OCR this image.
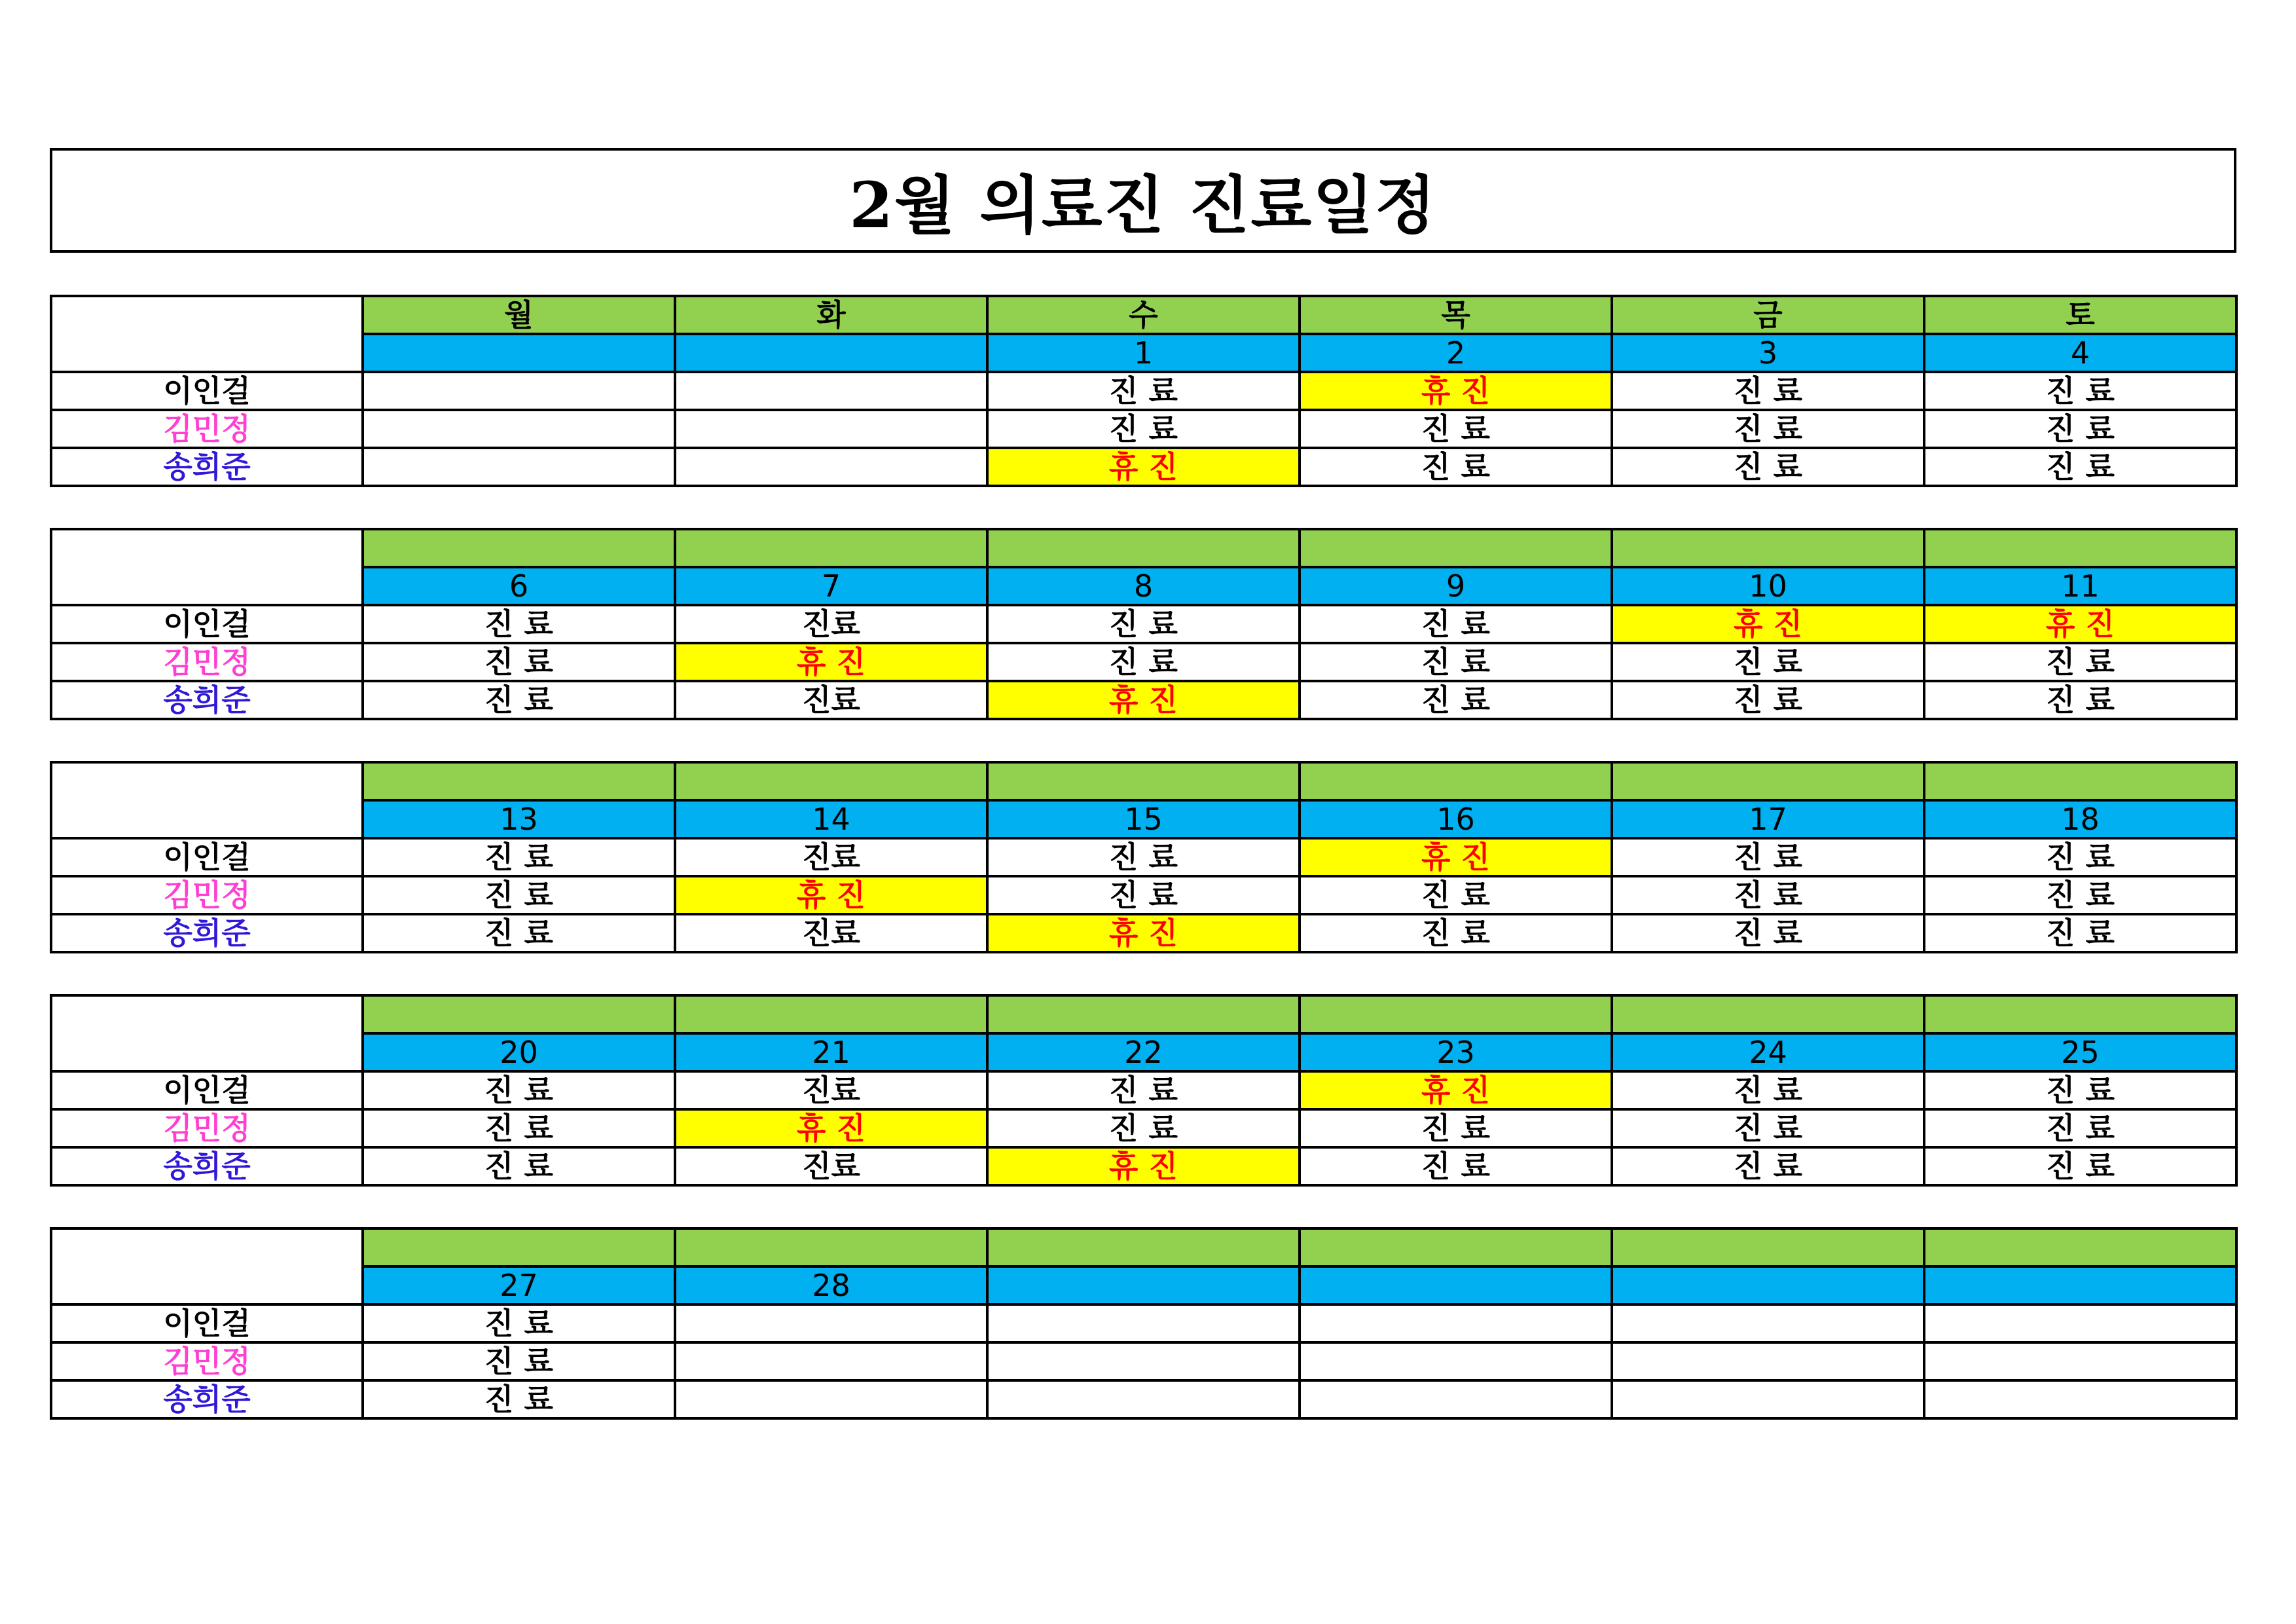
2월 의료진 진료일정
	월	화	수	목	금	토
			1	2	3	4
이인걸			진 료	휴 진	진 료	진 료
김민정			진 료	진 료	진 료	진 료
송희준			휴 진	진 료	진 료	진 료

	6	7	8	9	10	11
이인걸	진 료	진료	진 료	진 료	휴 진	휴 진
김민정	진 료	휴 진	진 료	진 료	진 료	진 료
송희준	진 료	진료	휴 진	진 료	진 료	진 료

	13	14	15	16	17	18
이인걸	진 료	진료	진 료	휴 진	진 료	진 료
김민정	진 료	휴 진	진 료	진 료	진 료	진 료
송희준	진 료	진료	휴 진	진 료	진 료	진 료

	20	21	22	23	24	25
이인걸	진 료	진료	진 료	휴 진	진 료	진 료
김민정	진 료	휴 진	진 료	진 료	진 료	진 료
송희준	진 료	진료	휴 진	진 료	진 료	진 료

	27	28				
이인걸	진 료					
김민정	진 료					
송희준	진 료					
